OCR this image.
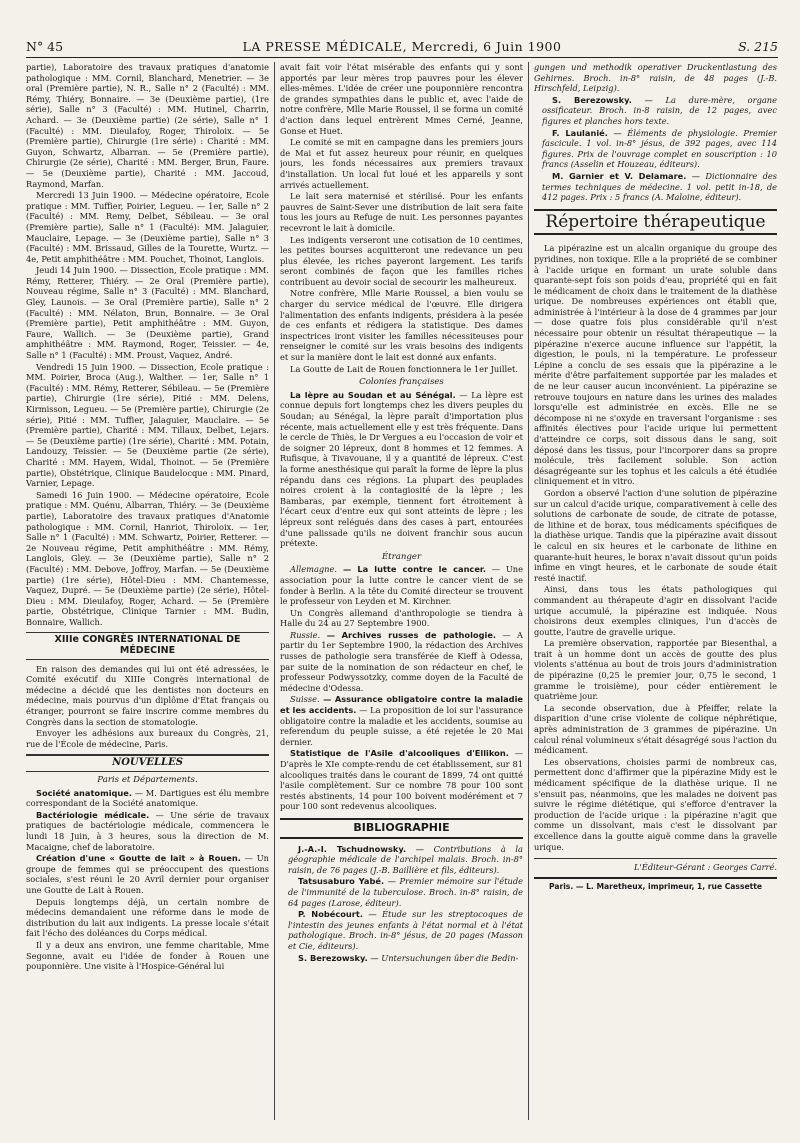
N° 45	LA PRESSE MÉDICALE, Mercredi, 6 Juin 1900	S. 215

partie), Laboratoire des travaux pratiques d'anatomie pathologique : MM. Cornil, Blanchard, Menetrier. — 3e oral (Première partie), N. R., Salle n° 2 (Faculté) : MM. Rémy, Thiéry, Bonnaire. — 3e (Deuxième partie), (1re série), Salle n° 3 (Faculté) : MM. Hutinel, Charrin, Achard. — 3e (Deuxième partie) (2e série), Salle n° 1 (Faculté) : MM. Dieulafoy, Roger, Thiroloix. — 5e (Première partie), Chirurgie (1re série) : Charité : MM. Guyon, Schwartz, Albarran. — 5e (Première partie), Chirurgie (2e série), Charité : MM. Berger, Brun, Faure. — 5e (Deuxième partie), Charité : MM. Jaccoud, Raymond, Marfan.

Mercredi 13 Juin 1900. — Médecine opératoire, Ecole pratique : MM. Tuffier, Poirier, Legueu. — 1er, Salle n° 2 (Faculté) : MM. Remy, Delbet, Sébileau. — 3e oral (Première partie), Salle n° 1 (Faculté): MM. Jalaguier, Mauclaire, Lepage. — 3e (Deuxième partie), Salle n° 3 (Faculté) : MM. Brissaud, Gilles de la Tourette, Wurtz. — 4e, Petit amphithéâtre : MM. Pouchet, Thoinot, Langlois.

Jeudi 14 Juin 1900. — Dissection, Ecole pratique : MM. Rémy, Retterer, Thiéry. — 2e Oral (Première partie), Nouveau régime, Salle n° 3 (Faculté) : MM. Blanchard, Gley, Launois. — 3e Oral (Première partie), Salle n° 2 (Faculté) : MM. Nélaton, Brun, Bonnaire. — 3e Oral (Première partie), Petit amphithéâtre : MM. Guyon, Faure, Wallich. — 3e (Deuxième partie), Grand amphithéâtre : MM. Raymond, Roger, Teissier. — 4e, Salle n° 1 (Faculté) : MM. Proust, Vaquez, André.

Vendredi 15 Juin 1900. — Dissection, Ecole pratique : MM. Poirier, Broca (Aug.), Walther. — 1er, Salle n° 1 (Faculté) : MM. Rémy, Retterer, Sébileau. — 5e (Première partie), Chirurgie (1re série), Pitié : MM. Delens, Kirmisson, Legueu. — 5e (Première partie), Chirurgie (2e série), Pitié : MM. Tuffier, Jalaguier, Mauclaire. — 5e (Première partie), Charité : MM. Tillaux, Delbet, Lejars. — 5e (Deuxième partie) (1re série), Charité : MM. Potain, Landouzy, Teissier. — 5e (Deuxième partie (2e série), Charité : MM. Hayem, Widal, Thoinot. — 5e (Première partie), Obstétrique, Clinique Baudelocque : MM. Pinard, Varnier, Lepage.

Samedi 16 Juin 1900. — Médecine opératoire, Ecole pratique : MM. Quénu, Albarran, Thiéry. — 3e (Deuxième partie), Laboratoire des travaux pratiques d'Anatomie pathologique : MM. Cornil, Hanriot, Thiroloix. — 1er, Salle n° 1 (Faculté) : MM. Schwartz, Poirier, Retterer. — 2e Nouveau régime, Petit amphithéâtre : MM. Rémy, Langlois, Gley. — 3e (Deuxième partie), Salle n° 2 (Faculté) : MM. Debove, Joffroy, Marfan. — 5e (Deuxième partie) (1re série), Hôtel-Dieu : MM. Chantemesse, Vaquez, Dupré. — 5e (Deuxième partie) (2e série), Hôtel-Dieu : MM. Dieulafoy, Roger, Achard. — 5e (Première partie, Obstétrique, Clinique Tarnier : MM. Budin, Bonnaire, Wallich.

XIIIe CONGRÈS INTERNATIONAL DE MÉDECINE

En raison des demandes qui lui ont été adressées, le Comité exécutif du XIIIe Congrès international de médecine a décidé que les dentistes non docteurs en médecine, mais pourvus d'un diplôme d'État français ou étranger, pourront se faire inscrire comme membres du Congrès dans la section de stomatologie.

Envoyer les adhésions aux bureaux du Congrès, 21, rue de l'École de médecine, Paris.

NOUVELLES
Paris et Départements.

Société anatomique. — M. Dartigues est élu membre correspondant de la Société anatomique.

Bactériologie médicale. — Une série de travaux pratiques de bactériologie médicale, commencera le lundi 18 Juin, à 3 heures, sous la direction de M. Macaigne, chef de laboratoire.

Création d'une « Goutte de lait » à Rouen. — Un groupe de femmes qui se préoccupent des questions sociales, s'est réuni le 20 Avril dernier pour organiser une Goutte de Lait à Rouen.

Depuis longtemps déjà, un certain nombre de médecins demandaient une réforme dans le mode de distribution du lait aux indigents. La presse locale s'était fait l'écho des doléances du Corps médical.

Il y a deux ans environ, une femme charitable, Mme Segonne, avait eu l'idée de fonder à Rouen une pouponnière. Une visite à l'Hospice-Général lui

avait fait voir l'état misérable des enfants qui y sont apportés par leur mères trop pauvres pour les élever elles-mêmes. L'idée de créer une pouponnière rencontra de grandes sympathies dans le public et, avec l'aide de notre confrère, Mlle Marie Roussel, il se forma un comité d'action dans lequel entrèrent Mmes Cerné, Jeanne, Gonse et Huet.

Le comité se mit en campagne dans les premiers jours de Mai et fut assez heureux pour réunir, en quelques jours, les fonds nécessaires aux premiers travaux d'installation. Un local fut loué et les appareils y sont arrivés actuellement.

Le lait sera maternisé et stérilisé. Pour les enfants pauvres de Saint-Sever une distribution de lait sera faite tous les jours au Refuge de nuit. Les personnes payantes recevront le lait à domicile.

Les indigents verseront une cotisation de 10 centimes, les petites bourses acquitteront une redevance un peu plus élevée, les riches payeront largement. Les tarifs seront combinés de façon que les familles riches contribuent au devoir social de secourir les malheureux.

Notre confrère, Mlle Marie Roussel, a bien voulu se charger du service médical de l'œuvre. Elle dirigera l'alimentation des enfants indigents, présidera à la pesée de ces enfants et rédigera la statistique. Des dames inspectrices iront visiter les familles nécessiteuses pour renseigner le comité sur les vrais besoins des indigents et sur la manière dont le lait est donné aux enfants.

La Goutte de Lait de Rouen fonctionnera le 1er Juillet.

Colonies françaises

La lèpre au Soudan et au Sénégal. — La lèpre est connue depuis fort longtemps chez les divers peuples du Soudan; au Sénégal, la lèpre paraît d'importation plus récente, mais actuellement elle y est très fréquente. Dans le cercle de Thiès, le Dr Vergues a eu l'occasion de voir et de soigner 20 lépreux, dont 8 hommes et 12 femmes. A Rufisque, à Tivavouane, il y a quantité de lépreux. C'est la forme anesthésique qui paraît la forme de lèpre la plus répandu dans ces régions. La plupart des peuplades noires croient à la contagiosité de la lèpre ; les Bambaras, par exemple, tiennent fort étroitement à l'écart ceux d'entre eux qui sont atteints de lèpre ; les lépreux sont relégués dans des cases à part, entourées d'une palissade qu'ils ne doivent franchir sous aucun prétexte.

Étranger

Allemagne. — La lutte contre le cancer. — Une association pour la lutte contre le cancer vient de se fonder à Berlin. A la tête du Comité directeur se trouvent le professeur von Leyden et M. Kirchner.

Un Congrès allemand d'anthropologie se tiendra à Halle du 24 au 27 Septembre 1900.

Russie. — Archives russes de pathologie. — A partir du 1er Septembre 1900, la rédaction des Archives russes de pathologie sera transférée de Kieff à Odessa, par suite de la nomination de son rédacteur en chef, le professeur Podwyssotzky, comme doyen de la Faculté de médecine d'Odessa.

Suisse. — Assurance obligatoire contre la maladie et les accidents. — La proposition de loi sur l'assurance obligatoire contre la maladie et les accidents, soumise au referendum du peuple suisse, a été rejetée le 20 Mai dernier.

Statistique de l'Asile d'alcooliques d'Ellikon. — D'après le XIe compte-rendu de cet établissement, sur 81 alcooliques traités dans le courant de 1899, 74 ont quitté l'asile complètement. Sur ce nombre 78 pour 100 sont restés abstinents, 14 pour 100 boivent modérément et 7 pour 100 sont redevenus alcooliques.

BIBLIOGRAPHIE

J.-A.-I. Tschudnowsky. — Contributions à la géographie médicale de l'archipel malais. Broch. in-8° raisin, de 76 pages (J.-B. Baillière et fils, éditeurs).

Tatsusaburo Yabé. — Premier mémoire sur l'étude de l'immunité de la tuberculose. Broch. in-8° raisin, de 64 pages (Larose, éditeur).

P. Nobécourt. — Étude sur les streptocoques de l'intestin des jeunes enfants à l'état normal et à l'état pathologique. Broch. in-8° jésus, de 20 pages (Masson et Cie, éditeurs).

S. Berezowsky. — Untersuchungen über die Bedin-

gungen und methodik operativer Druckentlastung des Gehirnes. Broch. in-8° raisin, de 48 pages (J.-B. Hirschfeld, Leipzig).

S. Berezowsky. — La dure-mère, organe ossificateur. Broch. in-8 raisin, de 12 pages, avec figures et planches hors texte.

F. Laulanié. — Éléments de physiologie. Premier fascicule. 1 vol. in-8° jésus, de 392 pages, avec 114 figures. Prix de l'ouvrage complet en souscription : 10 francs (Asselin et Houzeau, éditeurs).

M. Garnier et V. Delamare. — Dictionnaire des termes techniques de médecine. 1 vol. petit in-18, de 412 pages. Prix : 5 francs (A. Maloine, éditeur).

Répertoire thérapeutique

La pipérazine est un alcalin organique du groupe des pyridines, non toxique. Elle a la propriété de se combiner à l'acide urique en formant un urate soluble dans quarante-sept fois son poids d'eau, propriété qui en fait le médicament de choix dans le traitement de la diathèse urique. De nombreuses expériences ont établi que, administrée à l'intérieur à la dose de 4 grammes par jour — dose quatre fois plus considérable qu'il n'est nécessaire pour obtenir un résultat thérapeutique — la pipérazine n'exerce aucune influence sur l'appétit, la digestion, le pouls, ni la température. Le professeur Lépine a conclu de ses essais que la pipérazine a le mérite d'être parfaitement supportée par les malades et de ne leur causer aucun inconvénient. La pipérazine se retrouve toujours en nature dans les urines des malades lorsqu'elle est administrée en excès. Elle ne se décompose ni ne s'oxyde en traversant l'organisme : ses affinités électives pour l'acide urique lui permettent d'atteindre ce corps, soit dissous dans le sang, soit déposé dans les tissus, pour l'incorporer dans sa propre molécule, très facilement soluble. Son action désagrégeante sur les tophus et les calculs a été étudiée cliniquement et in vitro.

Gordon a observé l'action d'une solution de pipérazine sur un calcul d'acide urique, comparativement à celle des solutions de carbonate de soude, de citrate de potasse, de lithine et de borax, tous médicaments spécifiques de la diathèse urique. Tandis que la pipérazine avait dissout le calcul en six heures et le carbonate de lithine en quarante-huit heures, le borax n'avait dissout qu'un poids infime en vingt heures, et le carbonate de soude était resté inactif.

Ainsi, dans tous les états pathologiques qui commandent au thérapeute d'agir en dissolvant l'acide urique accumulé, la pipérazine est indiquée. Nous choisirons deux exemples cliniques, l'un d'accès de goutte, l'autre de gravelle urique.

La première observation, rapportée par Biesenthal, a trait à un homme dont un accès de goutte des plus violents s'atténua au bout de trois jours d'administration de pipérazine (0,25 le premier jour, 0,75 le second, 1 gramme le troisième), pour céder entièrement le quatrième jour.

La seconde observation, due à Pfeiffer, relate la disparition d'une crise violente de colique néphrétique, après administration de 3 grammes de pipérazine. Un calcul rénal volumineux s'était désagrégé sous l'action du médicament.

Les observations, choisies parmi de nombreux cas, permettent donc d'affirmer que la pipérazine Midy est le médicament spécifique de la diathèse urique. Il ne s'ensuit pas, néanmoins, que les malades ne doivent pas suivre le régime diététique, qui s'efforce d'entraver la production de l'acide urique : la pipérazine n'agit que comme un dissolvant, mais c'est le dissolvant par excellence dans la goutte aiguë comme dans la gravelle urique.

L'Éditeur-Gérant : Georges Carré.
Paris. — L. Maretheux, imprimeur, 1, rue Cassette
